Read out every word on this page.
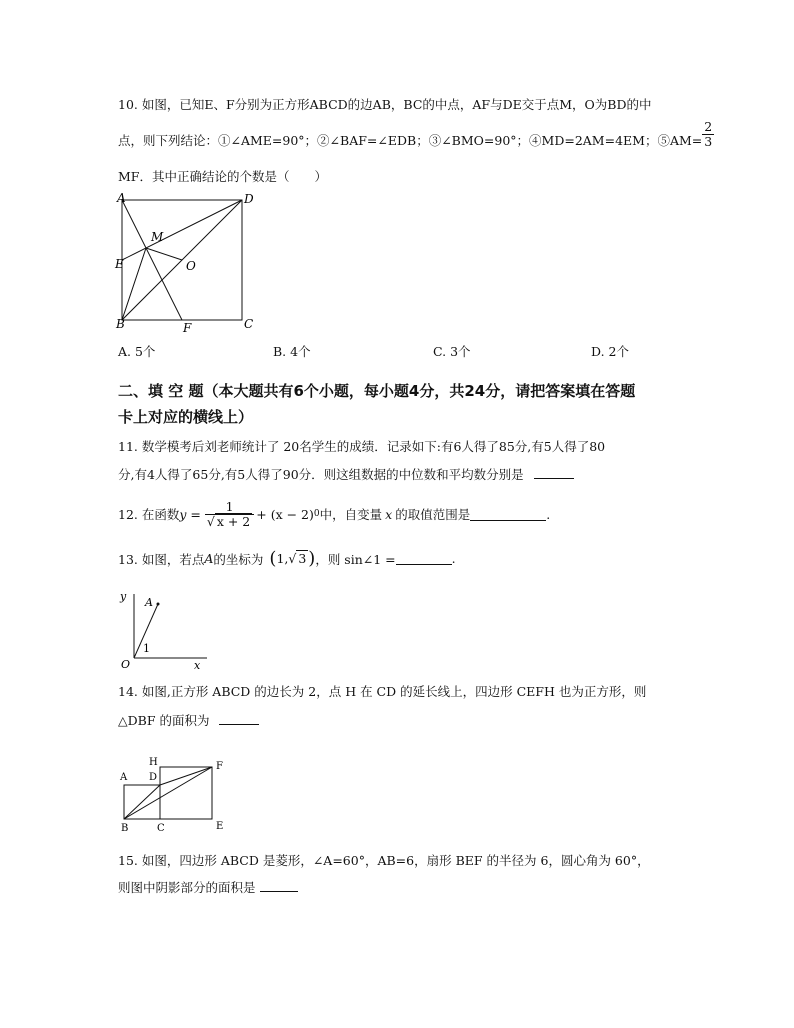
10. 如图，已知E、F分别为正方形ABCD的边AB，BC的中点，AF与DE交于点M，O为BD的中
点，则下列结论：①∠AME=90°；②∠BAF=∠EDB；③∠BMO=90°；④MD=2AM=4EM；⑤AM= $\frac{2}{3}$
MF．其中正确结论的个数是（　　）
A	D
M
E	O
B	F	C
A. 5个	B. 4个	C. 3个	D. 2个
二、填 空 题（本大题共有6个小题，每小题4分，共24分，请把答案填在答题
卡上对应的横线上）
11. 数学模考后刘老师统计了 20名学生的成绩．记录如下:有6人得了85分,有5人得了80
分,有4人得了65分,有5人得了90分．则这组数据的中位数和平均数分别是
12. 在函数 $y = \frac{1}{√ x + 2} + (x - 2)$ 0 中，自变量 x 的取值范围是	.
13. 如图，若点 A 的坐标为 ( 1, √ 3 ) ，则 sin∠1 =	.
y A
1
O	x
14. 如图,正方形 ABCD 的边长为 2，点 H 在 CD 的延长线上，四边形 CEFH 也为正方形，则
△DBF 的面积为
H	F
A D
B	C	E
15. 如图，四边形 ABCD 是菱形，∠A=60°，AB=6，扇形 BEF 的半径为 6，圆心角为 60°，
则图中阴影部分的面积是
